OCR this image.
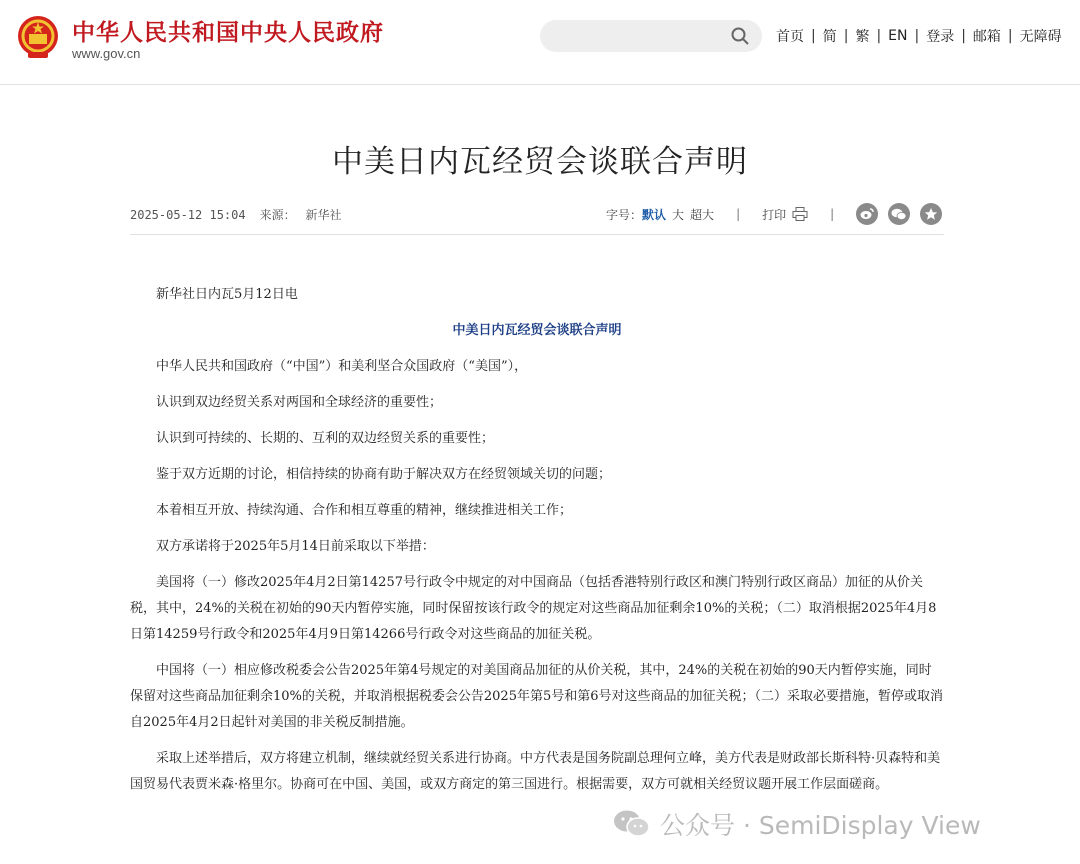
中华人民共和国中央人民政府
www.gov.cn
首页 | 简 | 繁 | EN | 登录 | 邮箱 | 无障碍
中美日内瓦经贸会谈联合声明
2025-05-12 15:04 来源： 新华社	字号： 默认 大 超大 | 打印	|

新华社日内瓦5月12日电

中美日内瓦经贸会谈联合声明

中华人民共和国政府（“中国”）和美利坚合众国政府（“美国”），

认识到双边经贸关系对两国和全球经济的重要性；

认识到可持续的、长期的、互利的双边经贸关系的重要性；

鉴于双方近期的讨论，相信持续的协商有助于解决双方在经贸领域关切的问题；

本着相互开放、持续沟通、合作和相互尊重的精神，继续推进相关工作；

双方承诺将于2025年5月14日前采取以下举措：

美国将（一）修改2025年4月2日第14257号行政令中规定的对中国商品（包括香港特别行政区和澳门特别行政区商品）加征的从价关税，其中，24%的关税在初始的90天内暂停实施，同时保留按该行政令的规定对这些商品加征剩余10%的关税；（二）取消根据2025年4月8日第14259号行政令和2025年4月9日第14266号行政令对这些商品的加征关税。

中国将（一）相应修改税委会公告2025年第4号规定的对美国商品加征的从价关税，其中，24%的关税在初始的90天内暂停实施，同时保留对这些商品加征剩余10%的关税，并取消根据税委会公告2025年第5号和第6号对这些商品的加征关税；（二）采取必要措施，暂停或取消自2025年4月2日起针对美国的非关税反制措施。

采取上述举措后，双方将建立机制，继续就经贸关系进行协商。中方代表是国务院副总理何立峰，美方代表是财政部长斯科特·贝森特和美国贸易代表贾米森·格里尔。协商可在中国、美国，或双方商定的第三国进行。根据需要，双方可就相关经贸议题开展工作层面磋商。

公众号 · SemiDisplay View
